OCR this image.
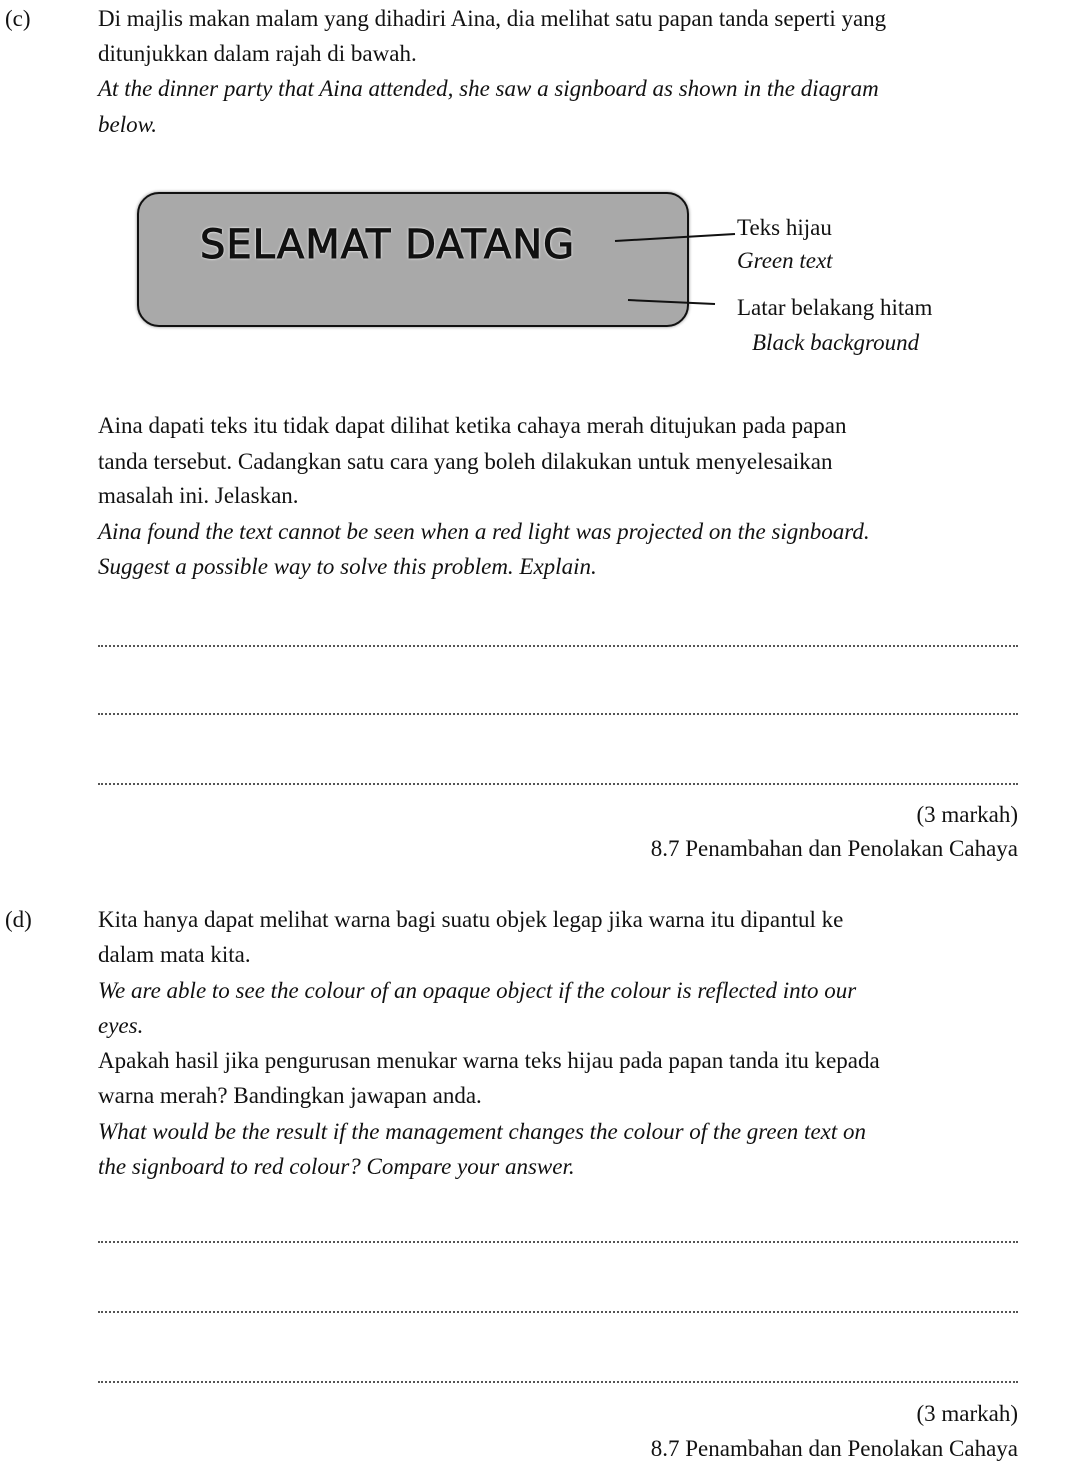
(c)	Di majlis makan malam yang dihadiri Aina, dia melihat satu papan tanda seperti yang
ditunjukkan dalam rajah di bawah.
At the dinner party that Aina attended, she saw a signboard as shown in the diagram
below.
SELAMAT DATANG	Teks hijau
Green text
Latar belakang hitam
Black background
Aina dapati teks itu tidak dapat dilihat ketika cahaya merah ditujukan pada papan
tanda tersebut. Cadangkan satu cara yang boleh dilakukan untuk menyelesaikan
masalah ini. Jelaskan.
Aina found the text cannot be seen when a red light was projected on the signboard.
Suggest a possible way to solve this problem. Explain.
(3 markah)
8.7 Penambahan dan Penolakan Cahaya
(d)	Kita hanya dapat melihat warna bagi suatu objek legap jika warna itu dipantul ke
dalam mata kita.
We are able to see the colour of an opaque object if the colour is reflected into our
eyes.
Apakah hasil jika pengurusan menukar warna teks hijau pada papan tanda itu kepada
warna merah? Bandingkan jawapan anda.
What would be the result if the management changes the colour of the green text on
the signboard to red colour? Compare your answer.
(3 markah)
8.7 Penambahan dan Penolakan Cahaya
